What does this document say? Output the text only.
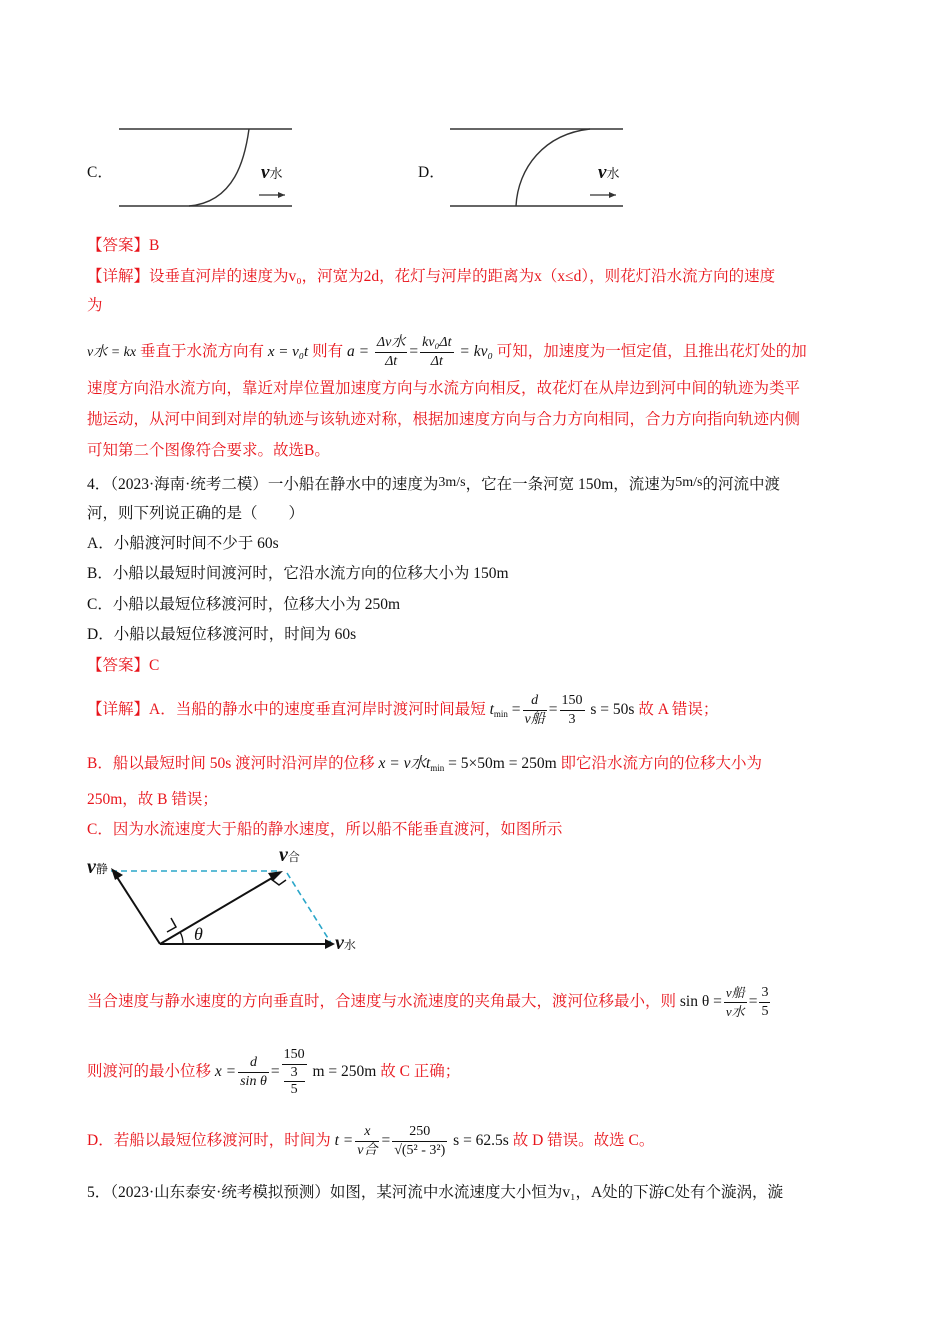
C．	v水	D．	v水
【答案】B
【详解】设垂直河岸的速度为v₀，河宽为2d，花灯与河岸的距离为x（x≤d），则花灯沿水流方向的速度
为
v水 = kx 垂直于水流方向有 x = v₀t 则有 $a = \frac{\text{Δv水}}{\Delta t} = \frac{\text{kv₀Δt}}{\Delta t} = kv_0$ 可知，加速度为一恒定值，且推出花灯处的加
速度方向沿水流方向，靠近对岸位置加速度方向与水流方向相反，故花灯在从岸边到河中间的轨迹为类平
抛运动，从河中间到对岸的轨迹与该轨迹对称，根据加速度方向与合力方向相同，合力方向指向轨迹内侧
可知第二个图像符合要求。故选B。
4．（2023·海南·统考二模）一小船在静水中的速度为3m/s，它在一条河宽 150m，流速为5m/s的河流中渡
河，则下列说正确的是（　　）
A．小船渡河时间不少于 60s
B．小船以最短时间渡河时，它沿水流方向的位移大小为 150m
C．小船以最短位移渡河时，位移大小为 250m
D．小船以最短位移渡河时，时间为 60s
【答案】C
【详解】A．当船的静水中的速度垂直河岸时渡河时间最短 $t_{min} = \frac{d}{\text{v船}} = \frac{150}{3}$ s = 50s 故 A 错误；
B．船以最短时间 50s 渡河时沿河岸的位移 x = v水$t_{min} = 5\times 50m = 250m$ 即它沿水流方向的位移大小为
250m，故 B 错误；
C．因为水流速度大于船的静水速度，所以船不能垂直渡河，如图所示
v静
v合
v水
θ
当合速度与静水速度的方向垂直时，合速度与水流速度的夹角最大，渡河位移最小，则 $\sin \theta = \frac{\text{v船}}{\text{v水}} = \frac{3}{5}$
则渡河的最小位移 $x = \frac{d}{\text{sin θ}} = 150$
3
5 m = 250m 故 C 正确；
D．若船以最短位移渡河时，时间为 $t = \frac{x}{\text{v合}} = \frac{250}{\text{√(5² - 3²)}}$ s = 62.5s 故 D 错误。故选 C。
5．（2023·山东泰安·统考模拟预测）如图，某河流中水流速度大小恒为v₁，A处的下游C处有个漩涡，漩
